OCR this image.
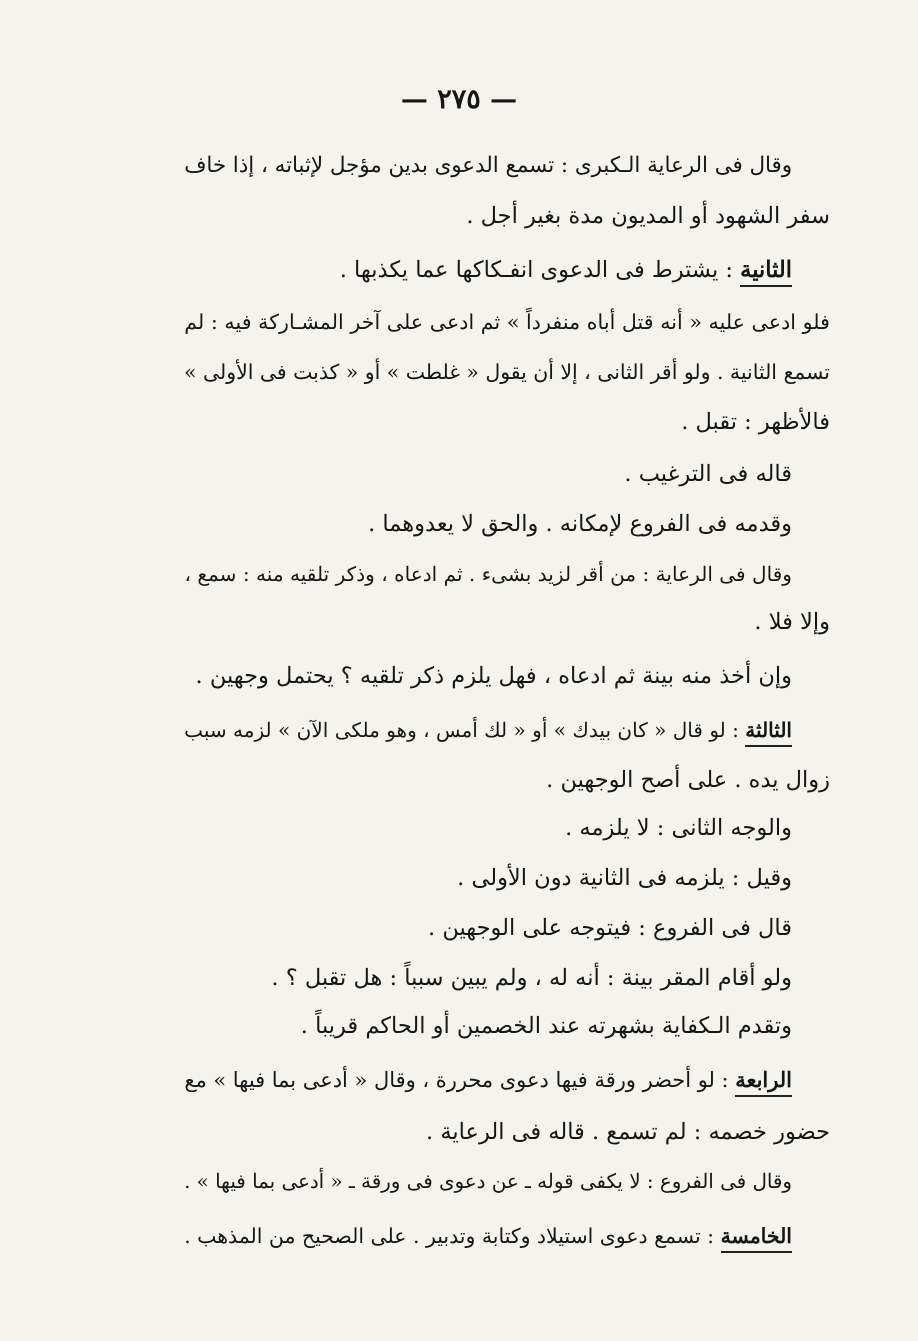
— ٢٧٥ —
وقال فى الرعاية الـكبرى : تسمع الدعوى بدين مؤجل لإثباته ، إذا خاف
سفر الشهود أو المديون مدة بغير أجل .
الثانية : يشترط فى الدعوى انفـكاكها عما يكذبها .
فلو ادعى عليه « أنه قتل أباه منفرداً » ثم ادعى على آخر المشـاركة فيه : لم
تسمع الثانية . ولو أقر الثانى ، إلا أن يقول « غلطت » أو « كذبت فى الأولى »
فالأظهر : تقبل .
قاله فى الترغيب .
وقدمه فى الفروع لإمكانه . والحق لا يعدوهما .
وقال فى الرعاية : من أقر لزيد بشىء . ثم ادعاه ، وذكر تلقيه منه : سمع ،
وإلا فلا .
وإن أخذ منه بينة ثم ادعاه ، فهل يلزم ذكر تلقيه ؟ يحتمل وجهين .
الثالثة : لو قال « كان بيدك » أو « لك أمس ، وهو ملكى الآن » لزمه سبب
زوال يده . على أصح الوجهين .
والوجه الثانى : لا يلزمه .
وقيل : يلزمه فى الثانية دون الأولى .
قال فى الفروع : فيتوجه على الوجهين .
ولو أقام المقر بينة : أنه له ، ولم يبين سبباً : هل تقبل ؟ .
وتقدم الـكفاية بشهرته عند الخصمين أو الحاكم قريباً .
الرابعة : لو أحضر ورقة فيها دعوى محررة ، وقال « أدعى بما فيها » مع
حضور خصمه : لم تسمع . قاله فى الرعاية .
وقال فى الفروع : لا يكفى قوله ـ عن دعوى فى ورقة ـ « أدعى بما فيها » .
الخامسة : تسمع دعوى استيلاد وكتابة وتدبير . على الصحيح من المذهب .
